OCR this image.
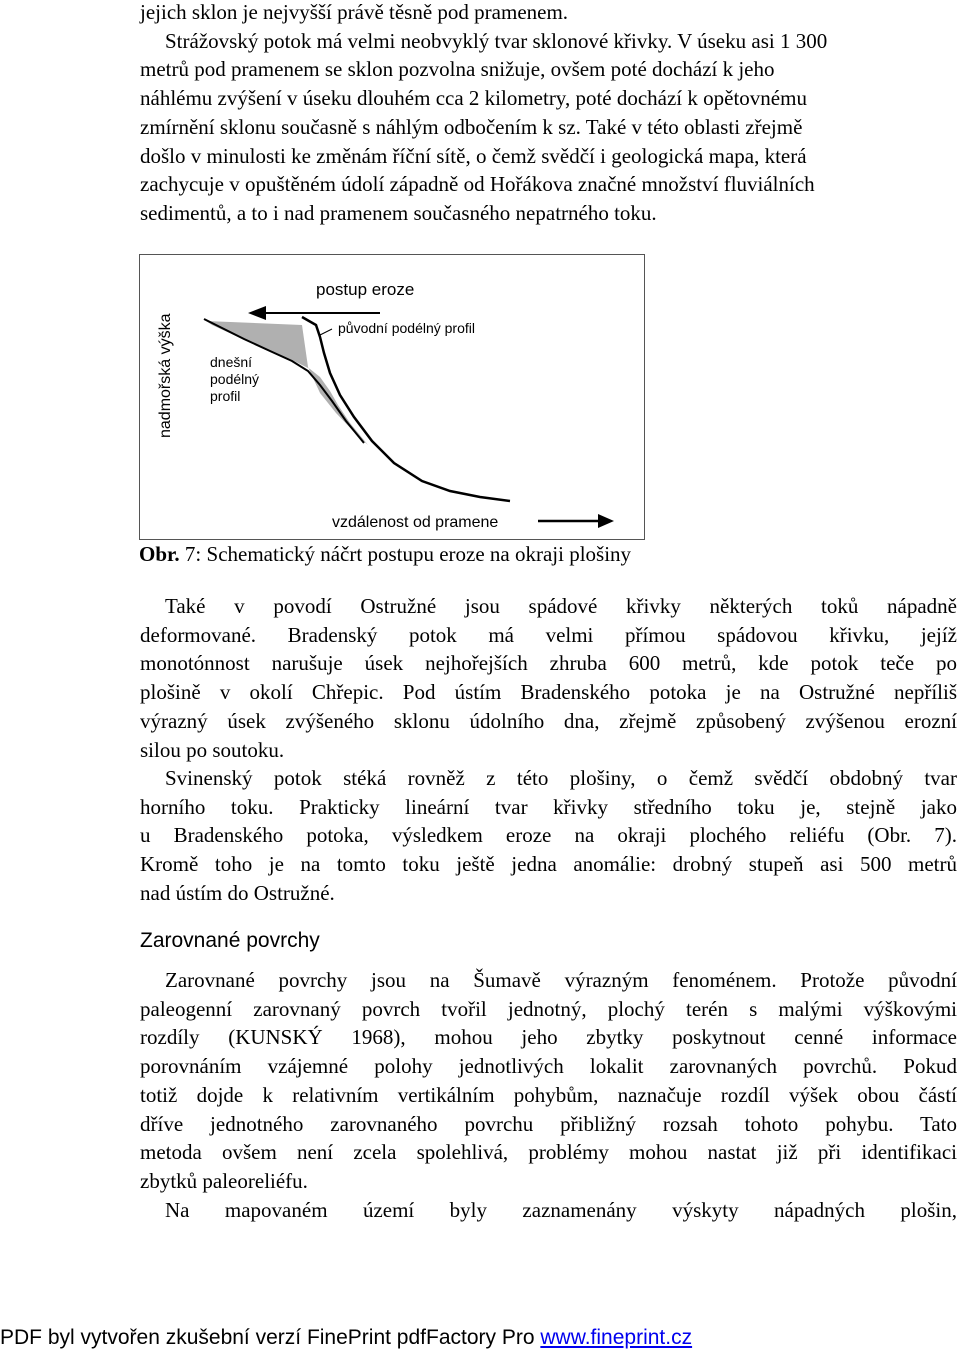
jejich sklon je nejvyšší právě těsně pod pramenem.
Strážovský potok má velmi neobvyklý tvar sklonové křivky. V úseku asi 1 300
metrů pod pramenem se sklon pozvolna snižuje, ovšem poté dochází k jeho
náhlému zvýšení v úseku dlouhém cca 2 kilometry, poté dochází k opětovnému
zmírnění sklonu současně s náhlým odbočením k sz. Také v této oblasti zřejmě
došlo v minulosti ke změnám říční sítě, o čemž svědčí i geologická mapa, která
zachycuje v opuštěném údolí západně od Hořákova značné množství fluviálních
sedimentů, a to i nad pramenem současného nepatrného toku.
nadmořská výška
postup eroze
původní podélný profil
dnešní
podélný
profil
vzdálenost od pramene
Obr. 7: Schematický náčrt postupu eroze na okraji plošiny
Také v povodí Ostružné jsou spádové křivky některých toků nápadně
deformované. Bradenský potok má velmi přímou spádovou křivku, jejíž
monotónnost narušuje úsek nejhořejších zhruba 600 metrů, kde potok teče po
plošině v okolí Chřepic. Pod ústím Bradenského potoka je na Ostružné nepříliš
výrazný úsek zvýšeného sklonu údolního dna, zřejmě způsobený zvýšenou erozní
silou po soutoku.
Svinenský potok stéká rovněž z této plošiny, o čemž svědčí obdobný tvar
horního toku. Prakticky lineární tvar křivky středního toku je, stejně jako
u Bradenského potoka, výsledkem eroze na okraji plochého reliéfu (Obr. 7).
Kromě toho je na tomto toku ještě jedna anomálie: drobný stupeň asi 500 metrů
nad ústím do Ostružné.
Zarovnané povrchy
Zarovnané povrchy jsou na Šumavě výrazným fenoménem. Protože původní
paleogenní zarovnaný povrch tvořil jednotný, plochý terén s malými výškovými
rozdíly (KUNSKÝ 1968), mohou jeho zbytky poskytnout cenné informace
porovnáním vzájemné polohy jednotlivých lokalit zarovnaných povrchů. Pokud
totiž dojde k relativním vertikálním pohybům, naznačuje rozdíl výšek obou částí
dříve jednotného zarovnaného povrchu přibližný rozsah tohoto pohybu. Tato
metoda ovšem není zcela spolehlivá, problémy mohou nastat již při identifikaci
zbytků paleoreliéfu.
Na mapovaném území byly zaznamenány výskyty nápadných plošin,
PDF byl vytvořen zkušební verzí FinePrint pdfFactory Pro www.fineprint.cz
